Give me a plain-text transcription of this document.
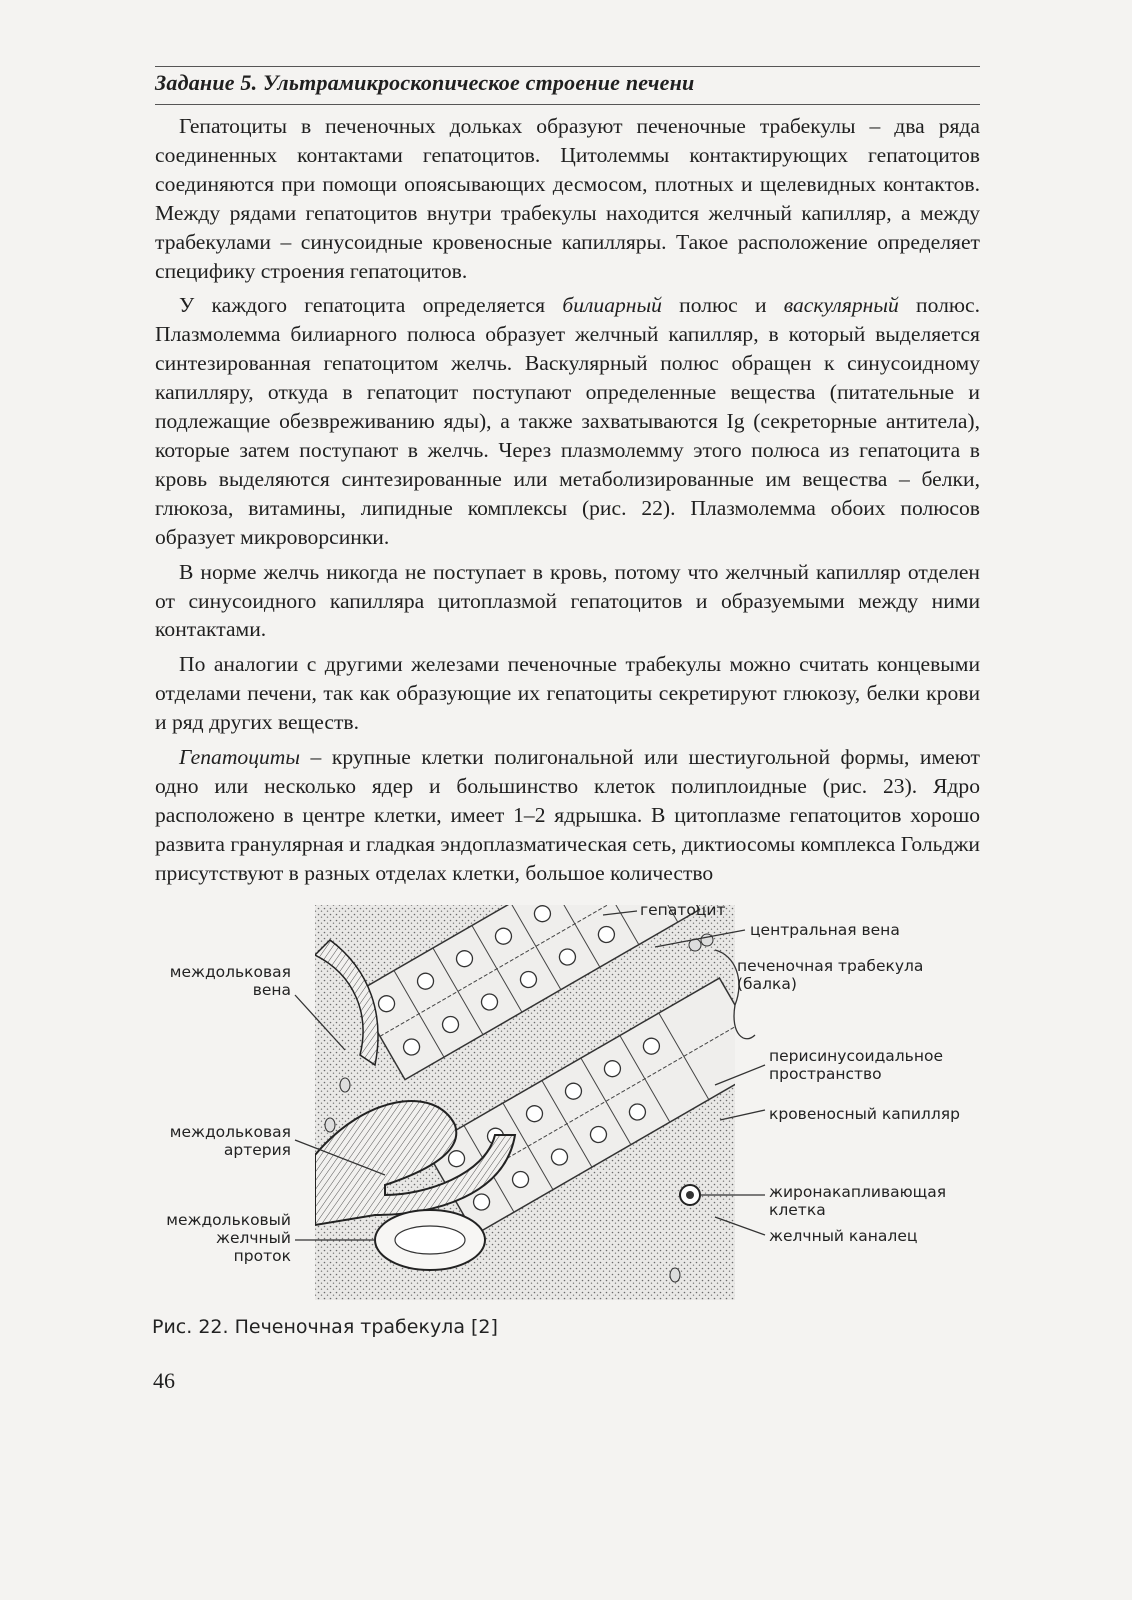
Задание 5. Ультрамикроскопическое строение печени

Гепатоциты в печеночных дольках образуют печеночные трабекулы – два ряда соединенных контактами гепатоцитов. Цитолеммы контактирующих гепатоцитов соединяются при помощи опоясывающих десмосом, плотных и щелевидных контактов. Между рядами гепатоцитов внутри трабекулы находится желчный капилляр, а между трабекулами – синусоидные кровеносные капилляры. Такое расположение определяет специфику строения гепатоцитов.

У каждого гепатоцита определяется билиарный полюс и васкулярный полюс. Плазмолемма билиарного полюса образует желчный капилляр, в который выделяется синтезированная гепатоцитом желчь. Васкулярный полюс обращен к синусоидному капилляру, откуда в гепатоцит поступают определенные вещества (питательные и подлежащие обезвреживанию яды), а также захватываются Ig (секреторные антитела), которые затем поступают в желчь. Через плазмолемму этого полюса из гепатоцита в кровь выделяются синтезированные или метаболизированные им вещества – белки, глюкоза, витамины, липидные комплексы (рис. 22). Плазмолемма обоих полюсов образует микроворсинки.

В норме желчь никогда не поступает в кровь, потому что желчный капилляр отделен от синусоидного капилляра цитоплазмой гепатоцитов и образуемыми между ними контактами.

По аналогии с другими железами печеночные трабекулы можно считать концевыми отделами печени, так как образующие их гепатоциты секретируют глюкозу, белки крови и ряд других веществ.

Гепатоциты – крупные клетки полигональной или шестиугольной формы, имеют одно или несколько ядер и большинство клеток полиплоидные (рис. 23). Ядро расположено в центре клетки, имеет 1–2 ядрышка. В цитоплазме гепатоцитов хорошо развита гранулярная и гладкая эндоплазматическая сеть, диктиосомы комплекса Гольджи присутствуют в разных отделах клетки, большое количество

гепатоцит
центральная вена
печеночная трабекула
(балка)
междольковая
вена
перисинусоидальное
пространство
кровеносный капилляр
междольковая
артерия
жиронакапливающая
клетка
междольковый
желчный
проток
желчный каналец
Рис. 22. Печеночная трабекула [2]
46
